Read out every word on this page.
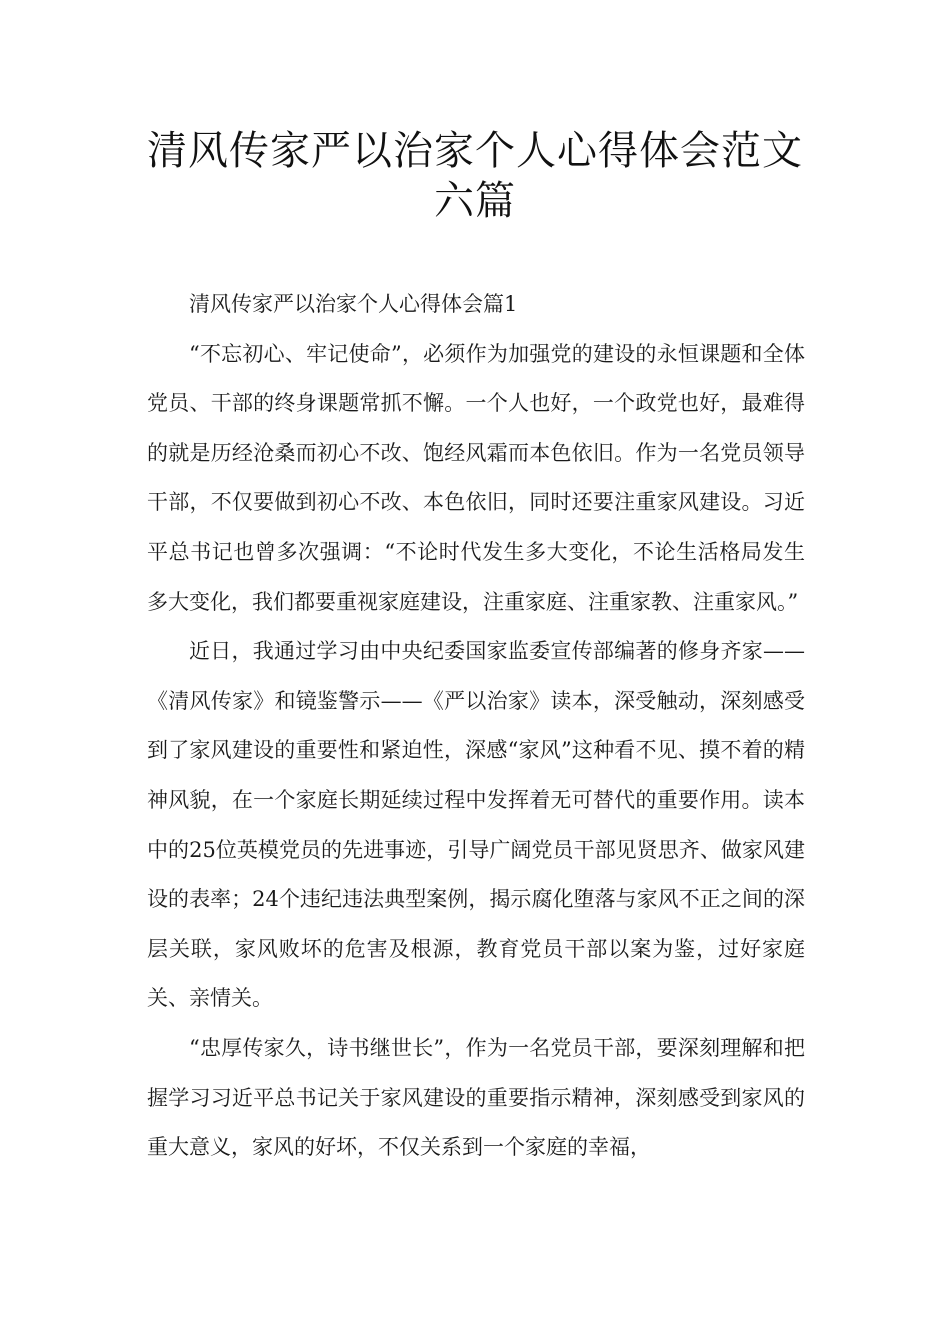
清风传家严以治家个人心得体会范文六篇

清风传家严以治家个人心得体会篇1

“不忘初心、牢记使命”，必须作为加强党的建设的永恒课题和全体党员、干部的终身课题常抓不懈。一个人也好，一个政党也好，最难得的就是历经沧桑而初心不改、饱经风霜而本色依旧。作为一名党员领导干部，不仅要做到初心不改、本色依旧，同时还要注重家风建设。习近平总书记也曾多次强调：“不论时代发生多大变化，不论生活格局发生多大变化，我们都要重视家庭建设，注重家庭、注重家教、注重家风。”

近日，我通过学习由中央纪委国家监委宣传部编著的修身齐家——《清风传家》和镜鉴警示——《严以治家》读本，深受触动，深刻感受到了家风建设的重要性和紧迫性，深感“家风”这种看不见、摸不着的精神风貌，在一个家庭长期延续过程中发挥着无可替代的重要作用。读本中的25位英模党员的先进事迹，引导广阔党员干部见贤思齐、做家风建设的表率；24个违纪违法典型案例，揭示腐化堕落与家风不正之间的深层关联，家风败坏的危害及根源，教育党员干部以案为鉴，过好家庭关、亲情关。

“忠厚传家久，诗书继世长”，作为一名党员干部，要深刻理解和把握学习习近平总书记关于家风建设的重要指示精神，深刻感受到家风的重大意义，家风的好坏，不仅关系到一个家庭的幸福，
